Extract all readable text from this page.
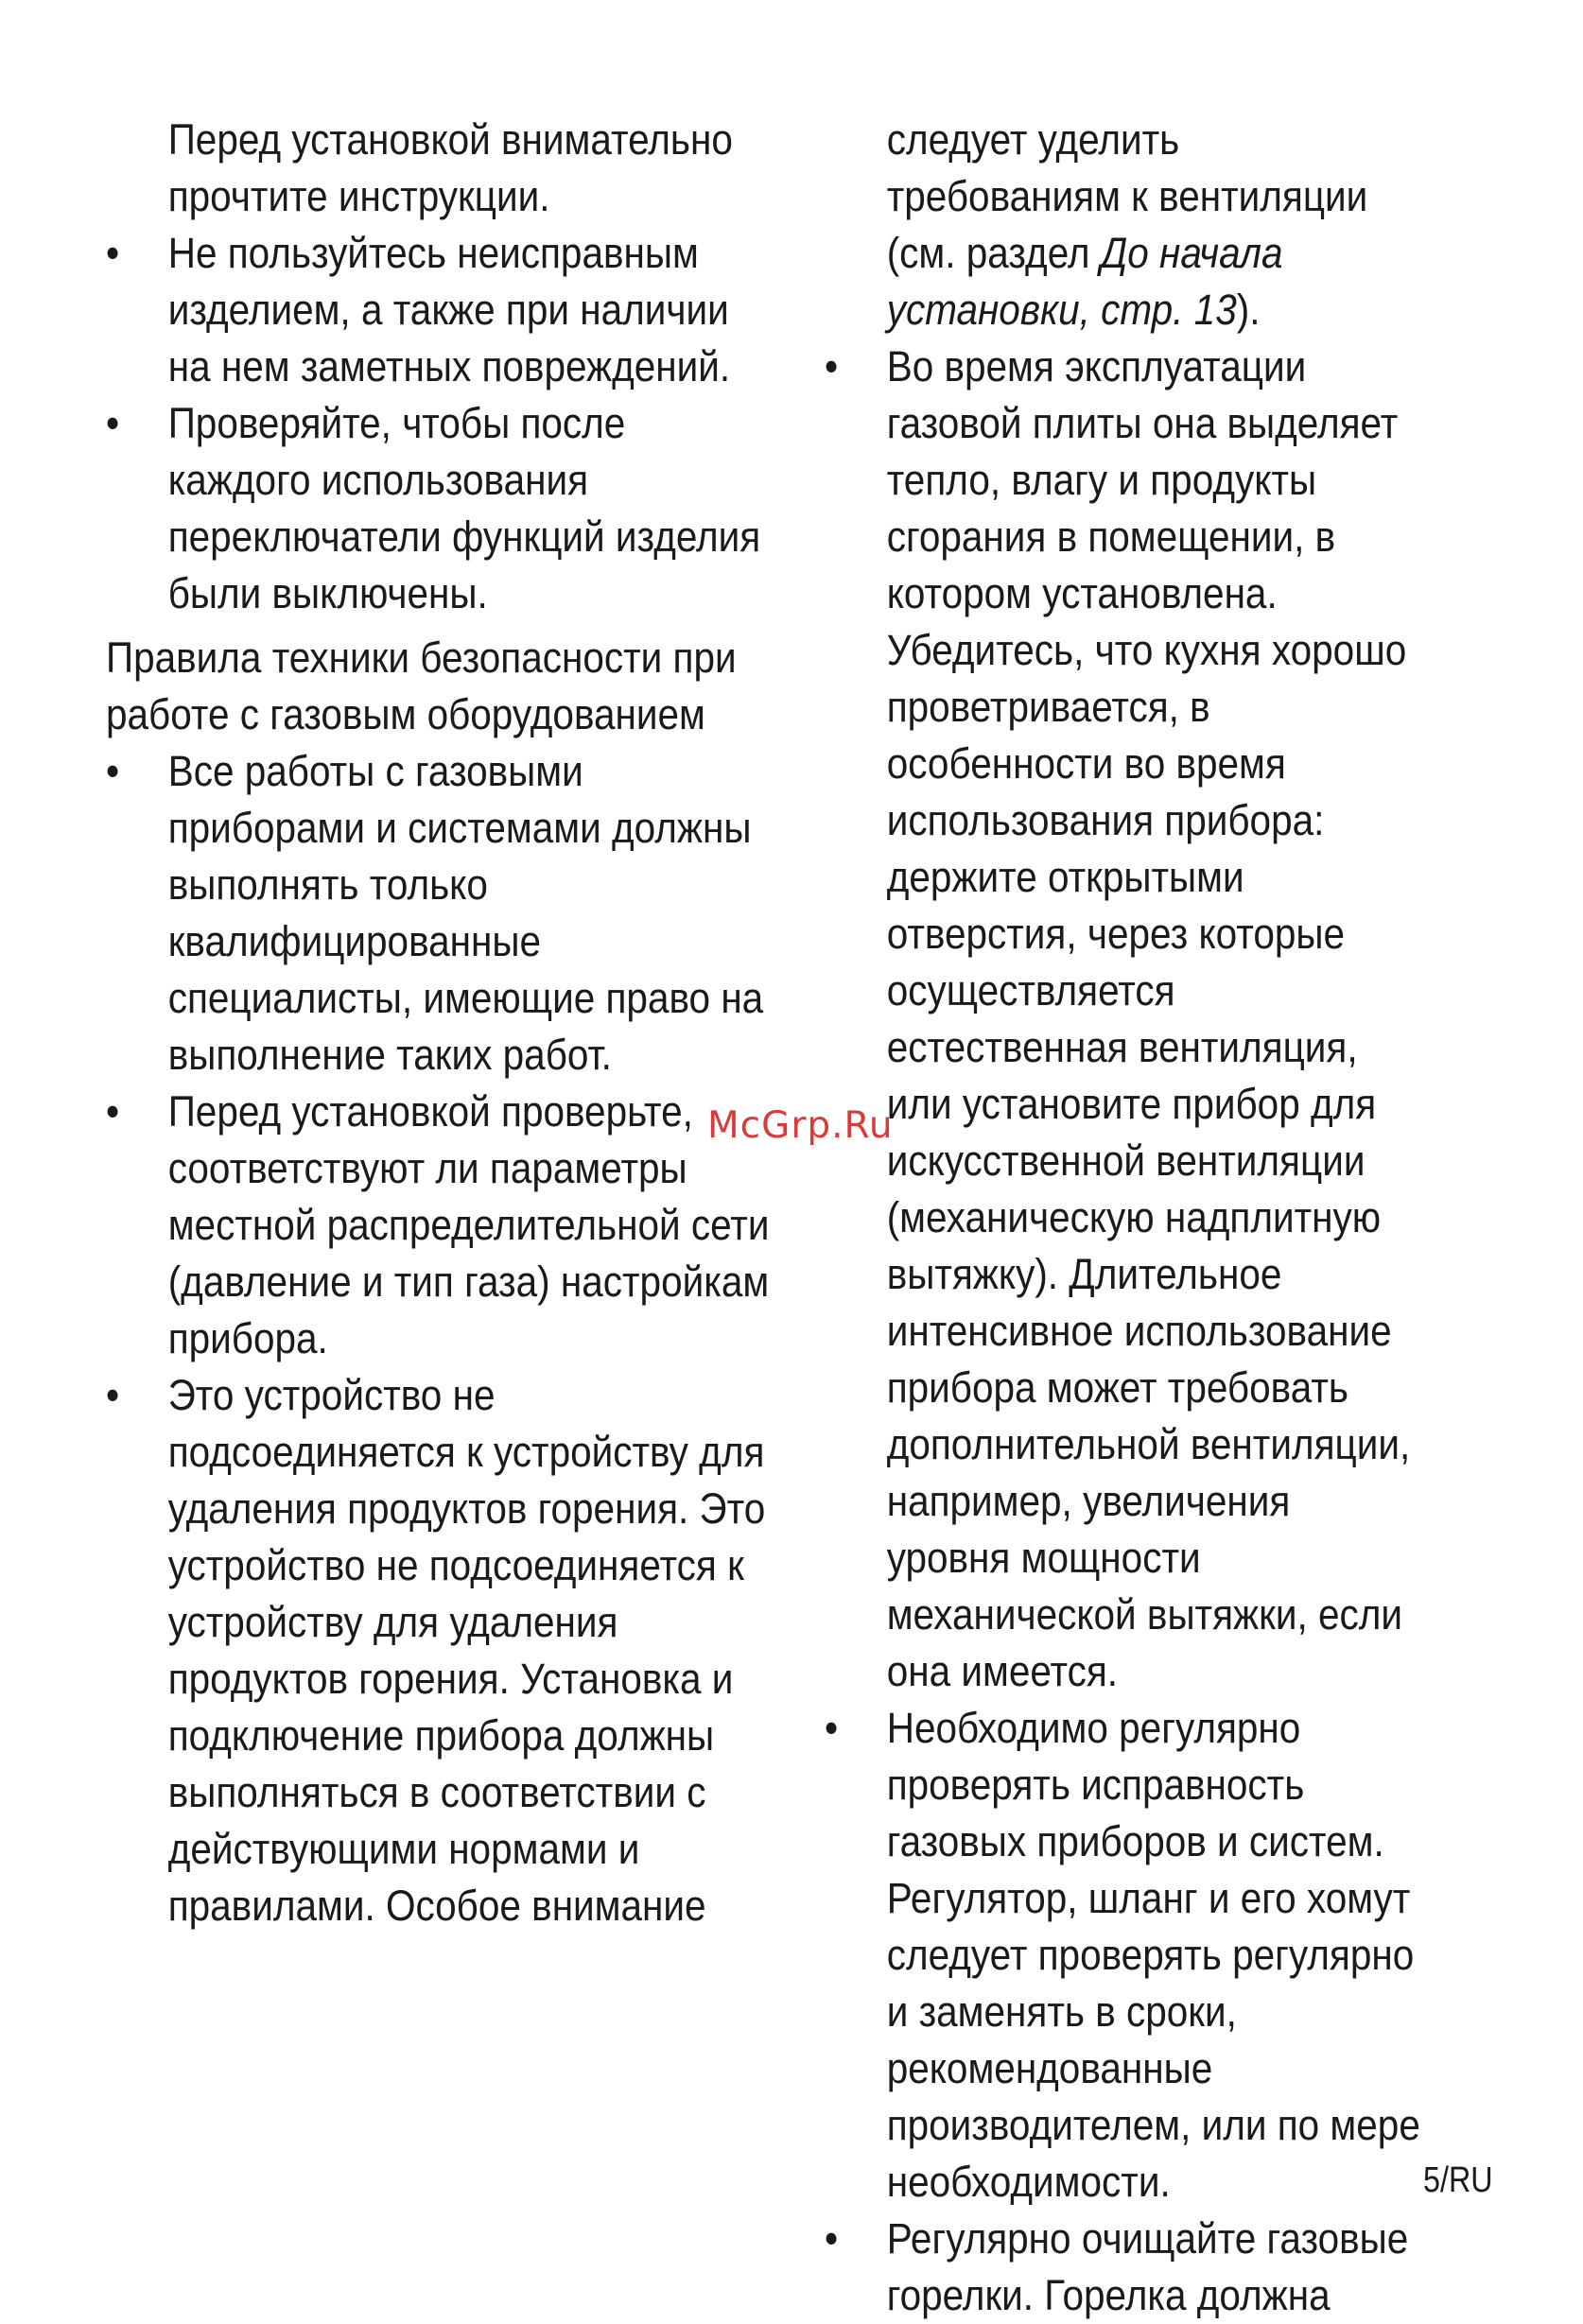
Перед установкой внимательно прочтите инструкции.
•	Не пользуйтесь неисправным изделием, а также при наличии на нем заметных повреждений.
•	Проверяйте, чтобы после каждого использования переключатели функций изделия были выключены.
Правила техники безопасности при работе с газовым оборудованием
•	Все работы с газовыми приборами и системами должны выполнять только квалифицированные специалисты, имеющие право на выполнение таких работ.
•	Перед установкой проверьте, соответствуют ли параметры местной распределительной сети (давление и тип газа) настройкам прибора.
•	Это устройство не подсоединяется к устройству для удаления продуктов горения. Это устройство не подсоединяется к устройству для удаления продуктов горения. Установка и подключение прибора должны выполняться в соответствии с действующими нормами и правилами. Особое внимание
следует уделить требованиям к вентиляции (см. раздел До начала установки, стр. 13).
•	Во время эксплуатации газовой плиты она выделяет тепло, влагу и продукты сгорания в помещении, в котором установлена. Убедитесь, что кухня хорошо проветривается, в особенности во время использования прибора: держите открытыми отверстия, через которые осуществляется естественная вентиляция, или установите прибор для искусственной вентиляции (механическую надплитную вытяжку). Длительное интенсивное использование прибора может требовать дополнительной вентиляции, например, увеличения уровня мощности механической вытяжки, если она имеется.
•	Необходимо регулярно проверять исправность газовых приборов и систем. Регулятор, шланг и его хомут следует проверять регулярно и заменять в сроки, рекомендованные производителем, или по мере необходимости.
•	Регулярно очищайте газовые горелки. Горелка должна
McGrp.Ru
5/RU
